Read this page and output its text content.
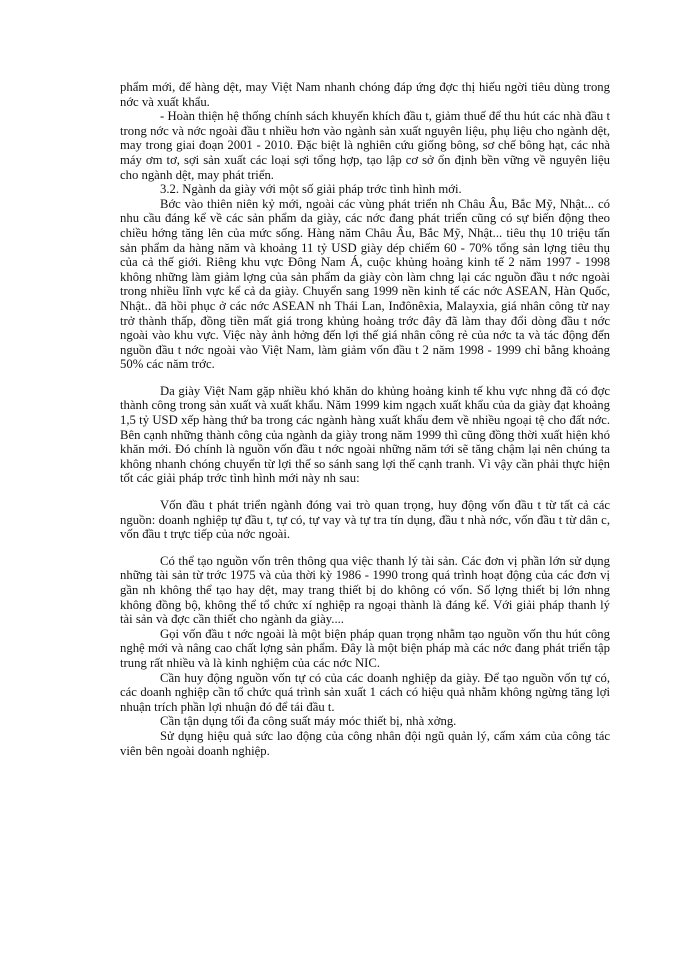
phẩm mới, để hàng dệt, may Việt Nam nhanh chóng đáp ứng đợc thị hiếu ngời tiêu dùng trong nớc và xuất khẩu.

- Hoàn thiện hệ thống chính sách khuyến khích đầu t, giảm thuế để thu hút các nhà đầu t trong nớc và nớc ngoài đầu t nhiều hơn vào ngành sản xuất nguyên liệu, phụ liệu cho ngành dệt, may trong giai đoạn 2001 - 2010. Đặc biệt là nghiên cứu giống bông, sơ chế bông hạt, các nhà máy ơm tơ, sợi sản xuất các loại sợi tổng hợp, tạo lập cơ sở ổn định bền vững về nguyên liệu cho ngành dệt, may phát triển.

3.2. Ngành da giày với một số giải pháp trớc tình hình mới.

Bớc vào thiên niên kỷ mới, ngoài các vùng phát triển nh Châu Âu, Bắc Mỹ, Nhật... có nhu cầu đáng kể về các sản phẩm da giày, các nớc đang phát triển cũng có sự biến động theo chiều hớng tăng lên của mức sống. Hàng năm Châu Âu, Bắc Mỹ, Nhật... tiêu thụ 10 triệu tấn sản phẩm da hàng năm và khoảng 11 tỷ USD giày dép chiếm 60 - 70% tổng sản lợng tiêu thụ của cả thế giới. Riêng khu vực Đông Nam Á, cuộc khủng hoảng kinh tế 2 năm 1997 - 1998 không những làm giảm lợng của sản phẩm da giày còn làm chng lại các nguồn đầu t nớc ngoài trong nhiều lĩnh vực kể cả da giày. Chuyển sang 1999 nền kinh tế các nớc ASEAN, Hàn Quốc, Nhật.. đã hồi phục ở các nớc ASEAN nh Thái Lan, Inđônêxia, Malayxia, giá nhân công từ nay trở thành thấp, đồng tiền mất giá trong khủng hoảng trớc đây đã làm thay đổi dòng đầu t nớc ngoài vào khu vực. Việc này ảnh hởng đến lợi thế giá nhân công rẻ của nớc ta và tác động đến nguồn đầu t nớc ngoài vào Việt Nam, làm giảm vốn đầu t 2 năm 1998 - 1999 chỉ bằng khoảng 50% các năm trớc.

Da giày Việt Nam gặp nhiều khó khăn do khủng hoảng kinh tế khu vực nhng đã có đợc thành công trong sản xuất và xuất khẩu. Năm 1999 kim ngạch xuất khẩu của da giày đạt khoảng 1,5 tỷ USD xếp hàng thứ ba trong các ngành hàng xuất khẩu đem về nhiều ngoại tệ cho đất nớc. Bên cạnh những thành công của ngành da giày trong năm 1999 thì cũng đồng thời xuất hiện khó khăn mới. Đó chính là nguồn vốn đầu t nớc ngoài những năm tới sẽ tăng chậm lại nên chúng ta không nhanh chóng chuyển từ lợi thế so sánh sang lợi thế cạnh tranh. Vì vậy cần phải thực hiện tốt các giải pháp trớc tình hình mới này nh sau:

Vốn đầu t phát triển ngành đóng vai trò quan trọng, huy động vốn đầu t từ tất cả các nguồn: doanh nghiệp tự đầu t, tự có, tự vay và tự tra tín dụng, đầu t nhà nớc, vốn đầu t từ dân c, vốn đầu t trực tiếp của nớc ngoài.

Có thể tạo nguồn vốn trên thông qua việc thanh lý tài sản. Các đơn vị phần lớn sử dụng những tài sản từ trớc 1975 và của thời kỳ 1986 - 1990 trong quá trình hoạt động của các đơn vị gần nh không thể tạo hay dệt, may trang thiết bị do không có vốn. Số lợng thiết bị lớn nhng không đồng bộ, không thể tổ chức xí nghiệp ra ngoại thành là đáng kể. Với giải pháp thanh lý tài sản và đợc cần thiết cho ngành da giày....

Gọi vốn đầu t nớc ngoài là một biện pháp quan trọng nhằm tạo nguồn vốn thu hút công nghệ mới và nâng cao chất lợng sản phẩm. Đây là một biện pháp mà các nớc đang phát triển tập trung rất nhiều và là kinh nghiệm của các nớc NIC.

Cần huy động nguồn vốn tự có của các doanh nghiệp da giày. Để tạo nguồn vốn tự có, các doanh nghiệp cần tổ chức quá trình sản xuất 1 cách có hiệu quả nhằm không ngừng tăng lợi nhuận trích phần lợi nhuận đó để tái đầu t.

Cần tận dụng tối đa công suất máy móc thiết bị, nhà xởng.

Sử dụng hiệu quả sức lao động của công nhân đội ngũ quản lý, cấm xám của công tác viên bên ngoài doanh nghiệp.
